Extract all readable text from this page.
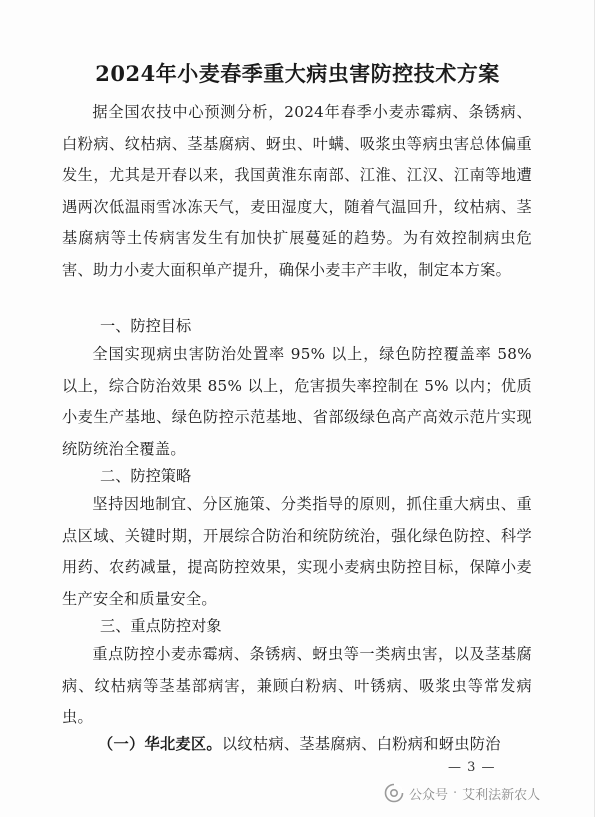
2024年小麦春季重大病虫害防控技术方案

据全国农技中心预测分析，2024年春季小麦赤霉病、条锈病、白粉病、纹枯病、茎基腐病、蚜虫、叶螨、吸浆虫等病虫害总体偏重发生，尤其是开春以来，我国黄淮东南部、江淮、江汉、江南等地遭遇两次低温雨雪冰冻天气，麦田湿度大，随着气温回升，纹枯病、茎基腐病等土传病害发生有加快扩展蔓延的趋势。为有效控制病虫危害、助力小麦大面积单产提升，确保小麦丰产丰收，制定本方案。

一、防控目标

全国实现病虫害防治处置率 95% 以上，绿色防控覆盖率 58% 以上，综合防治效果 85% 以上，危害损失率控制在 5% 以内；优质小麦生产基地、绿色防控示范基地、省部级绿色高产高效示范片实现统防统治全覆盖。

二、防控策略

坚持因地制宜、分区施策、分类指导的原则，抓住重大病虫、重点区域、关键时期，开展综合防治和统防统治，强化绿色防控、科学用药、农药减量，提高防控效果，实现小麦病虫防控目标，保障小麦生产安全和质量安全。

三、重点防控对象

重点防控小麦赤霉病、条锈病、蚜虫等一类病虫害，以及茎基腐病、纹枯病等茎基部病害，兼顾白粉病、叶锈病、吸浆虫等常发病虫。

（一）华北麦区。以纹枯病、茎基腐病、白粉病和蚜虫防治

— 3 —
公众号 · 艾利法新农人
